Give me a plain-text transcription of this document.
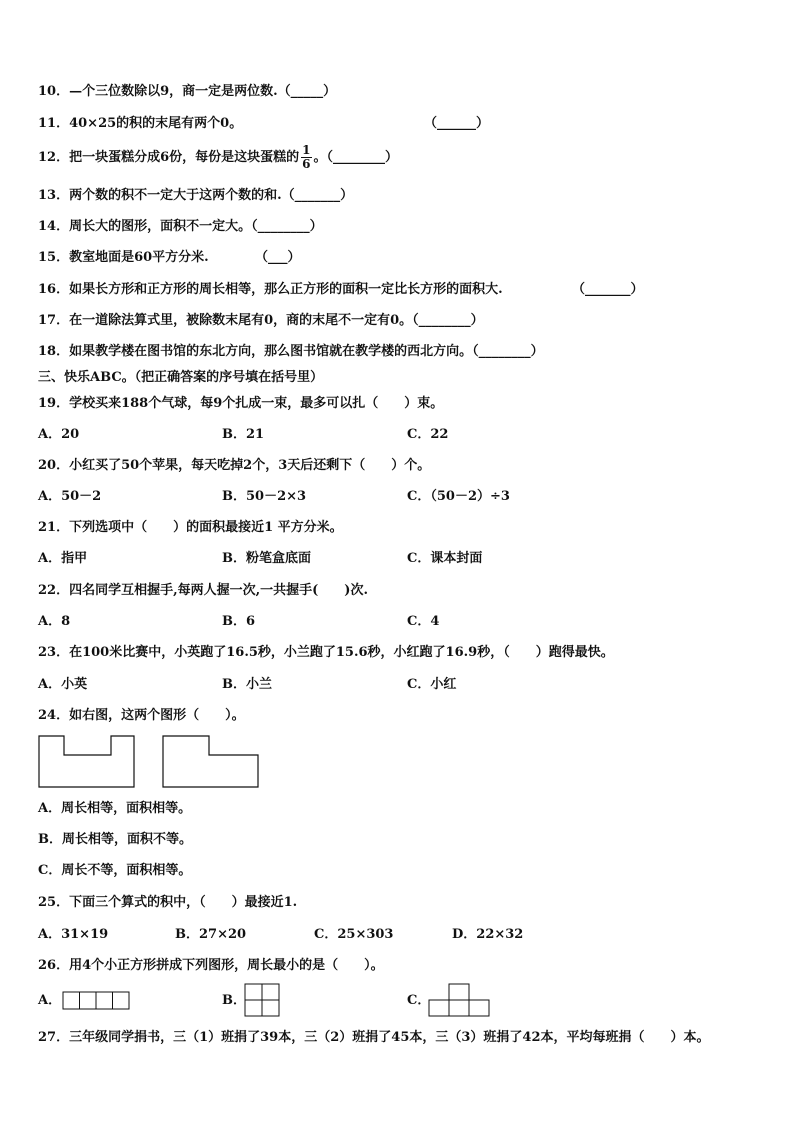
10．—个三位数除以9，商一定是两位数.（_____）
11．40×25的积的末尾有两个0。	（______）
12．把一块蛋糕分成6份，每份是这块蛋糕的 $\frac{1}{6}$ 。（________）
13．两个数的积不一定大于这两个数的和.（_______）
14．周长大的图形，面积不一定大。（________）
15．教室地面是60平方分米.	（___）
16．如果长方形和正方形的周长相等，那么正方形的面积一定比长方形的面积大.	（_______）
17．在一道除法算式里，被除数末尾有0，商的末尾不一定有0。（________）
18．如果教学楼在图书馆的东北方向，那么图书馆就在教学楼的西北方向。（________）
三、快乐ABC。（把正确答案的序号填在括号里）
19．学校买来188个气球，每9个扎成一束，最多可以扎（　　）束。
A．20	B．21	C．22
20．小红买了50个苹果，每天吃掉2个，3天后还剩下（　　）个。
A．50－2	B．50－2×3	C．（50－2）÷3
21．下列选项中（　　）的面积最接近1 平方分米。
A．指甲	B．粉笔盒底面	C．课本封面
22．四名同学互相握手,每两人握一次,一共握手(　　)次.
A．8	B．6	C．4
23．在100米比赛中，小英跑了16.5秒，小兰跑了15.6秒，小红跑了16.9秒，（　　）跑得最快。
A．小英	B．小兰	C．小红
24．如右图，这两个图形（　　）。
A．周长相等，面积相等。
B．周长相等，面积不等。
C．周长不等，面积相等。
25．下面三个算式的积中，（　　）最接近1.
A．31×19	B．27×20	C．25×303	D．22×32
26．用4个小正方形拼成下列图形，周长最小的是（　　）。
A．	B．	C．
27．三年级同学捐书，三（1）班捐了39本，三（2）班捐了45本，三（3）班捐了42本，平均每班捐（　　）本。
